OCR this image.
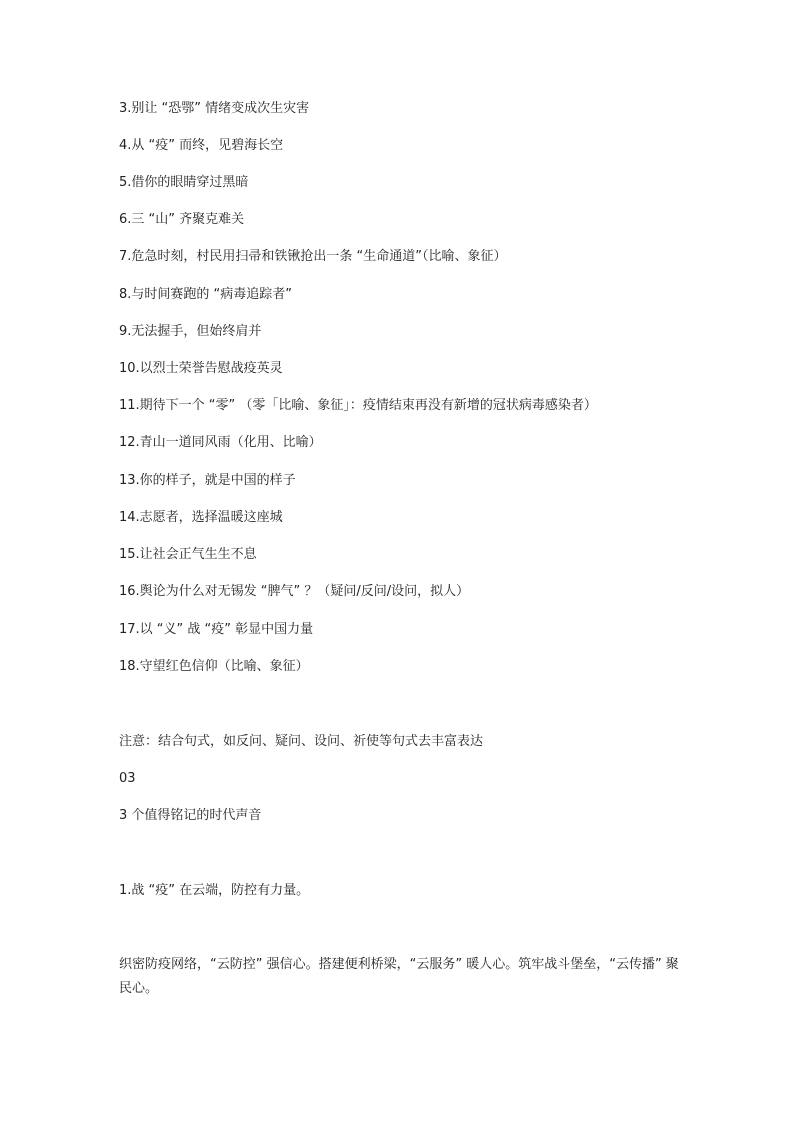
3.别让 “恐鄂” 情绪变成次生灾害
4.从 “疫” 而终，见碧海长空
5.借你的眼睛穿过黑暗
6.三 “山” 齐聚克难关
7.危急时刻，村民用扫帚和铁锹抢出一条 “生命通道”（比喻、象征）
8.与时间赛跑的 “病毒追踪者”
9.无法握手，但始终肩并
10.以烈士荣誉告慰战疫英灵
11.期待下一个 “零” （零「比喻、象征」：疫情结束再没有新增的冠状病毒感染者）
12.青山一道同风雨（化用、比喻）
13.你的样子，就是中国的样子
14.志愿者，选择温暖这座城
15.让社会正气生生不息
16.舆论为什么对无锡发 “脾气” ？（疑问/反问/设问，拟人）
17.以 “义” 战 “疫” 彰显中国力量
18.守望红色信仰（比喻、象征）
注意：结合句式，如反问、疑问、设问、祈使等句式去丰富表达
03
3 个值得铭记的时代声音
1.战 “疫” 在云端，防控有力量。
织密防疫网络，“云防控” 强信心。搭建便利桥梁，“云服务” 暖人心。筑牢战斗堡垒，“云传播” 聚民心。
